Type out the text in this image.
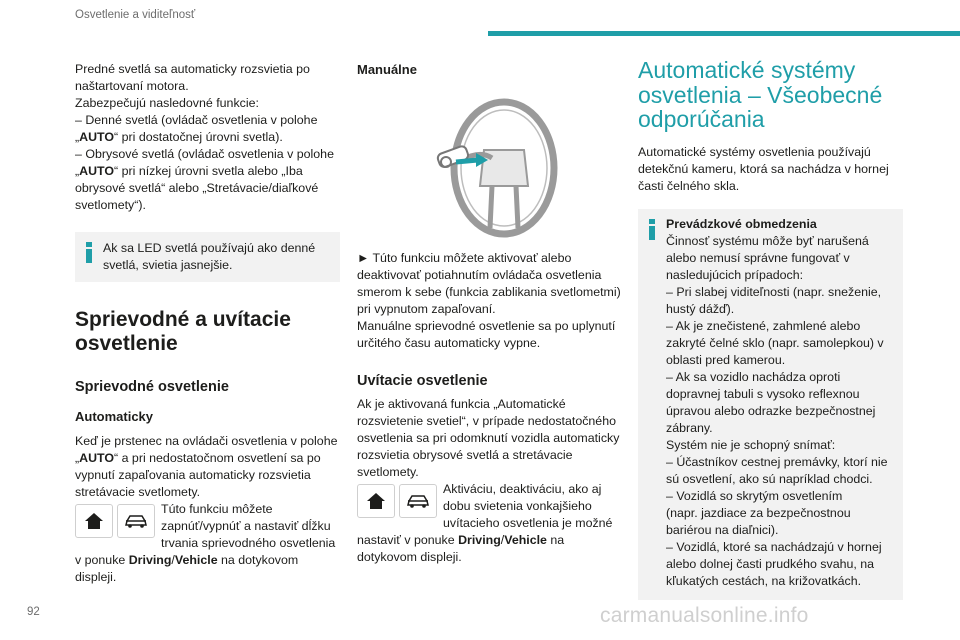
Osvetlenie a viditeľnosť

Predné svetlá sa automaticky rozsvietia po naštartovaní motora.

Zabezpečujú nasledovné funkcie:

– Denné svetlá (ovládač osvetlenia v polohe „AUTO“ pri dostatočnej úrovni svetla).

– Obrysové svetlá (ovládač osvetlenia v polohe „AUTO“ pri nízkej úrovni svetla alebo „Iba obrysové svetlá“ alebo „Stretávacie/diaľkové svetlomety“).

Ak sa LED svetlá používajú ako denné svetlá, svietia jasnejšie.

Sprievodné a uvítacie osvetlenie
Sprievodné osvetlenie
Automaticky

Keď je prstenec na ovládači osvetlenia v polohe „AUTO“ a pri nedostatočnom osvetlení sa po vypnutí zapaľovania automaticky rozsvietia stretávacie svetlomety.

Túto funkciu môžete zapnúť/vypnúť a nastaviť dĺžku trvania sprievodného osvetlenia v ponuke Driving/Vehicle na dotykovom displeji.

Manuálne

► Túto funkciu môžete aktivovať alebo deaktivovať potiahnutím ovládača osvetlenia smerom k sebe (funkcia zablikania svetlometmi) pri vypnutom zapaľovaní.

Manuálne sprievodné osvetlenie sa po uplynutí určitého času automaticky vypne.

Uvítacie osvetlenie

Ak je aktivovaná funkcia „Automatické rozsvietenie svetiel“, v prípade nedostatočného osvetlenia sa pri odomknutí vozidla automaticky rozsvietia obrysové svetlá a stretávacie svetlomety.

Aktiváciu, deaktiváciu, ako aj dobu svietenia vonkajšieho uvítacieho osvetlenia je možné nastaviť v ponuke Driving/Vehicle na dotykovom displeji.

Automatické systémy osvetlenia – Všeobecné odporúčania

Automatické systémy osvetlenia používajú detekčnú kameru, ktorá sa nachádza v hornej časti čelného skla.

Prevádzkové obmedzenia

Činnosť systému môže byť narušená alebo nemusí správne fungovať v nasledujúcich prípadoch:

– Pri slabej viditeľnosti (napr. sneženie, hustý dážď).

– Ak je znečistené, zahmlené alebo zakryté čelné sklo (napr. samolepkou) v oblasti pred kamerou.

– Ak sa vozidlo nachádza oproti dopravnej tabuli s vysoko reflexnou úpravou alebo odrazke bezpečnostnej zábrany.

Systém nie je schopný snímať:

– Účastníkov cestnej premávky, ktorí nie sú osvetlení, ako sú napríklad chodci.

– Vozidlá so skrytým osvetlením

(napr. jazdiace za bezpečnostnou bariérou na diaľnici).

– Vozidlá, ktoré sa nachádzajú v hornej alebo dolnej časti prudkého svahu, na kľukatých cestách, na križovatkách.

92	carmanualsonline.info
